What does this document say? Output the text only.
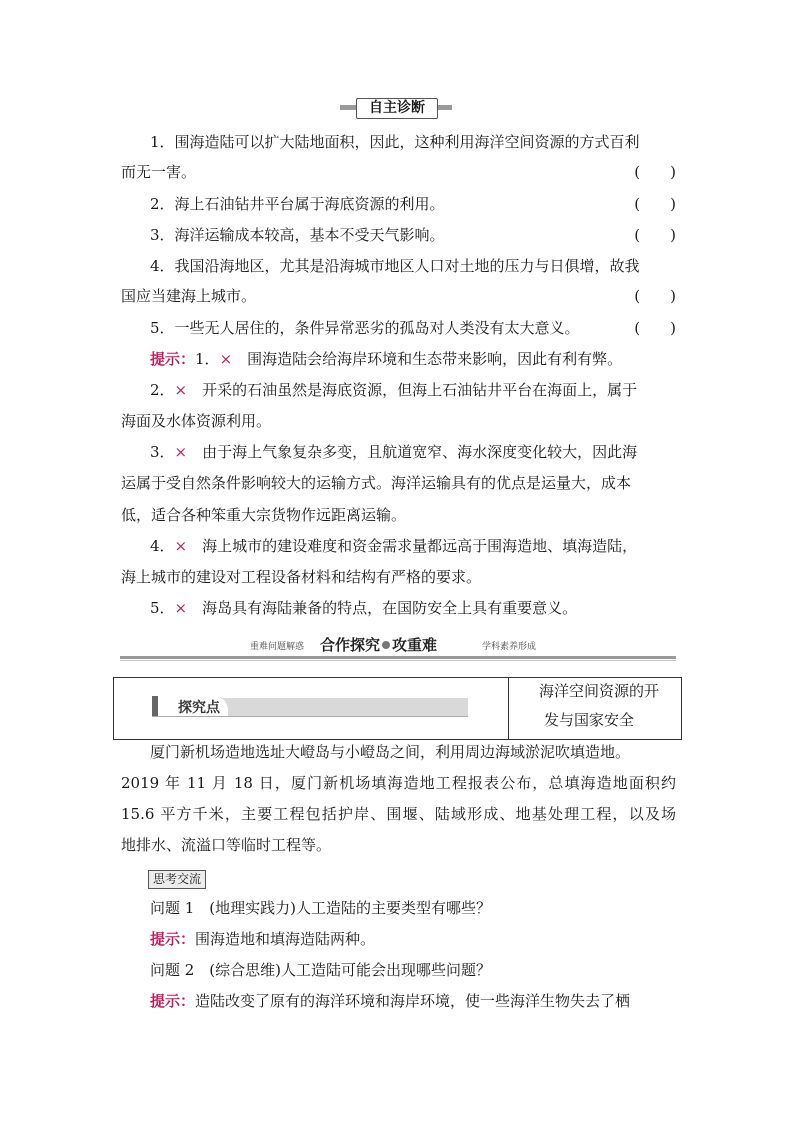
自主诊断
1．围海造陆可以扩大陆地面积，因此，这种利用海洋空间资源的方式百利
而无一害。	(　　)
2．海上石油钻井平台属于海底资源的利用。	(　　)
3．海洋运输成本较高，基本不受天气影响。	(　　)
4．我国沿海地区，尤其是沿海城市地区人口对土地的压力与日俱增，故我
国应当建海上城市。	(　　)
5．一些无人居住的，条件异常恶劣的孤岛对人类没有太大意义。	(　　)
提示：1．×　围海造陆会给海岸环境和生态带来影响，因此有利有弊。
2．×　开采的石油虽然是海底资源，但海上石油钻井平台在海面上，属于
海面及水体资源利用。
3．×　由于海上气象复杂多变，且航道宽窄、海水深度变化较大，因此海
运属于受自然条件影响较大的运输方式。海洋运输具有的优点是运量大，成本
低，适合各种笨重大宗货物作远距离运输。
4．×　海上城市的建设难度和资金需求量都远高于围海造地、填海造陆，
海上城市的建设对工程设备材料和结构有严格的要求。
5．×　海岛具有海陆兼备的特点，在国防安全上具有重要意义。
重难问题解惑 合作探究 攻重难	学科素养形成
探究点
海洋空间资源的开
发与国家安全
厦门新机场造地选址大嶝岛与小嶝岛之间，利用周边海域淤泥吹填造地。
2019 年 11 月 18 日，厦门新机场填海造地工程报表公布，总填海造地面积约
15.6 平方千米，主要工程包括护岸、围堰、陆域形成、地基处理工程，以及场
地排水、流溢口等临时工程等。
思考交流
问题 1　(地理实践力)人工造陆的主要类型有哪些？
提示：围海造地和填海造陆两种。
问题 2　(综合思维)人工造陆可能会出现哪些问题？
提示：造陆改变了原有的海洋环境和海岸环境，使一些海洋生物失去了栖
